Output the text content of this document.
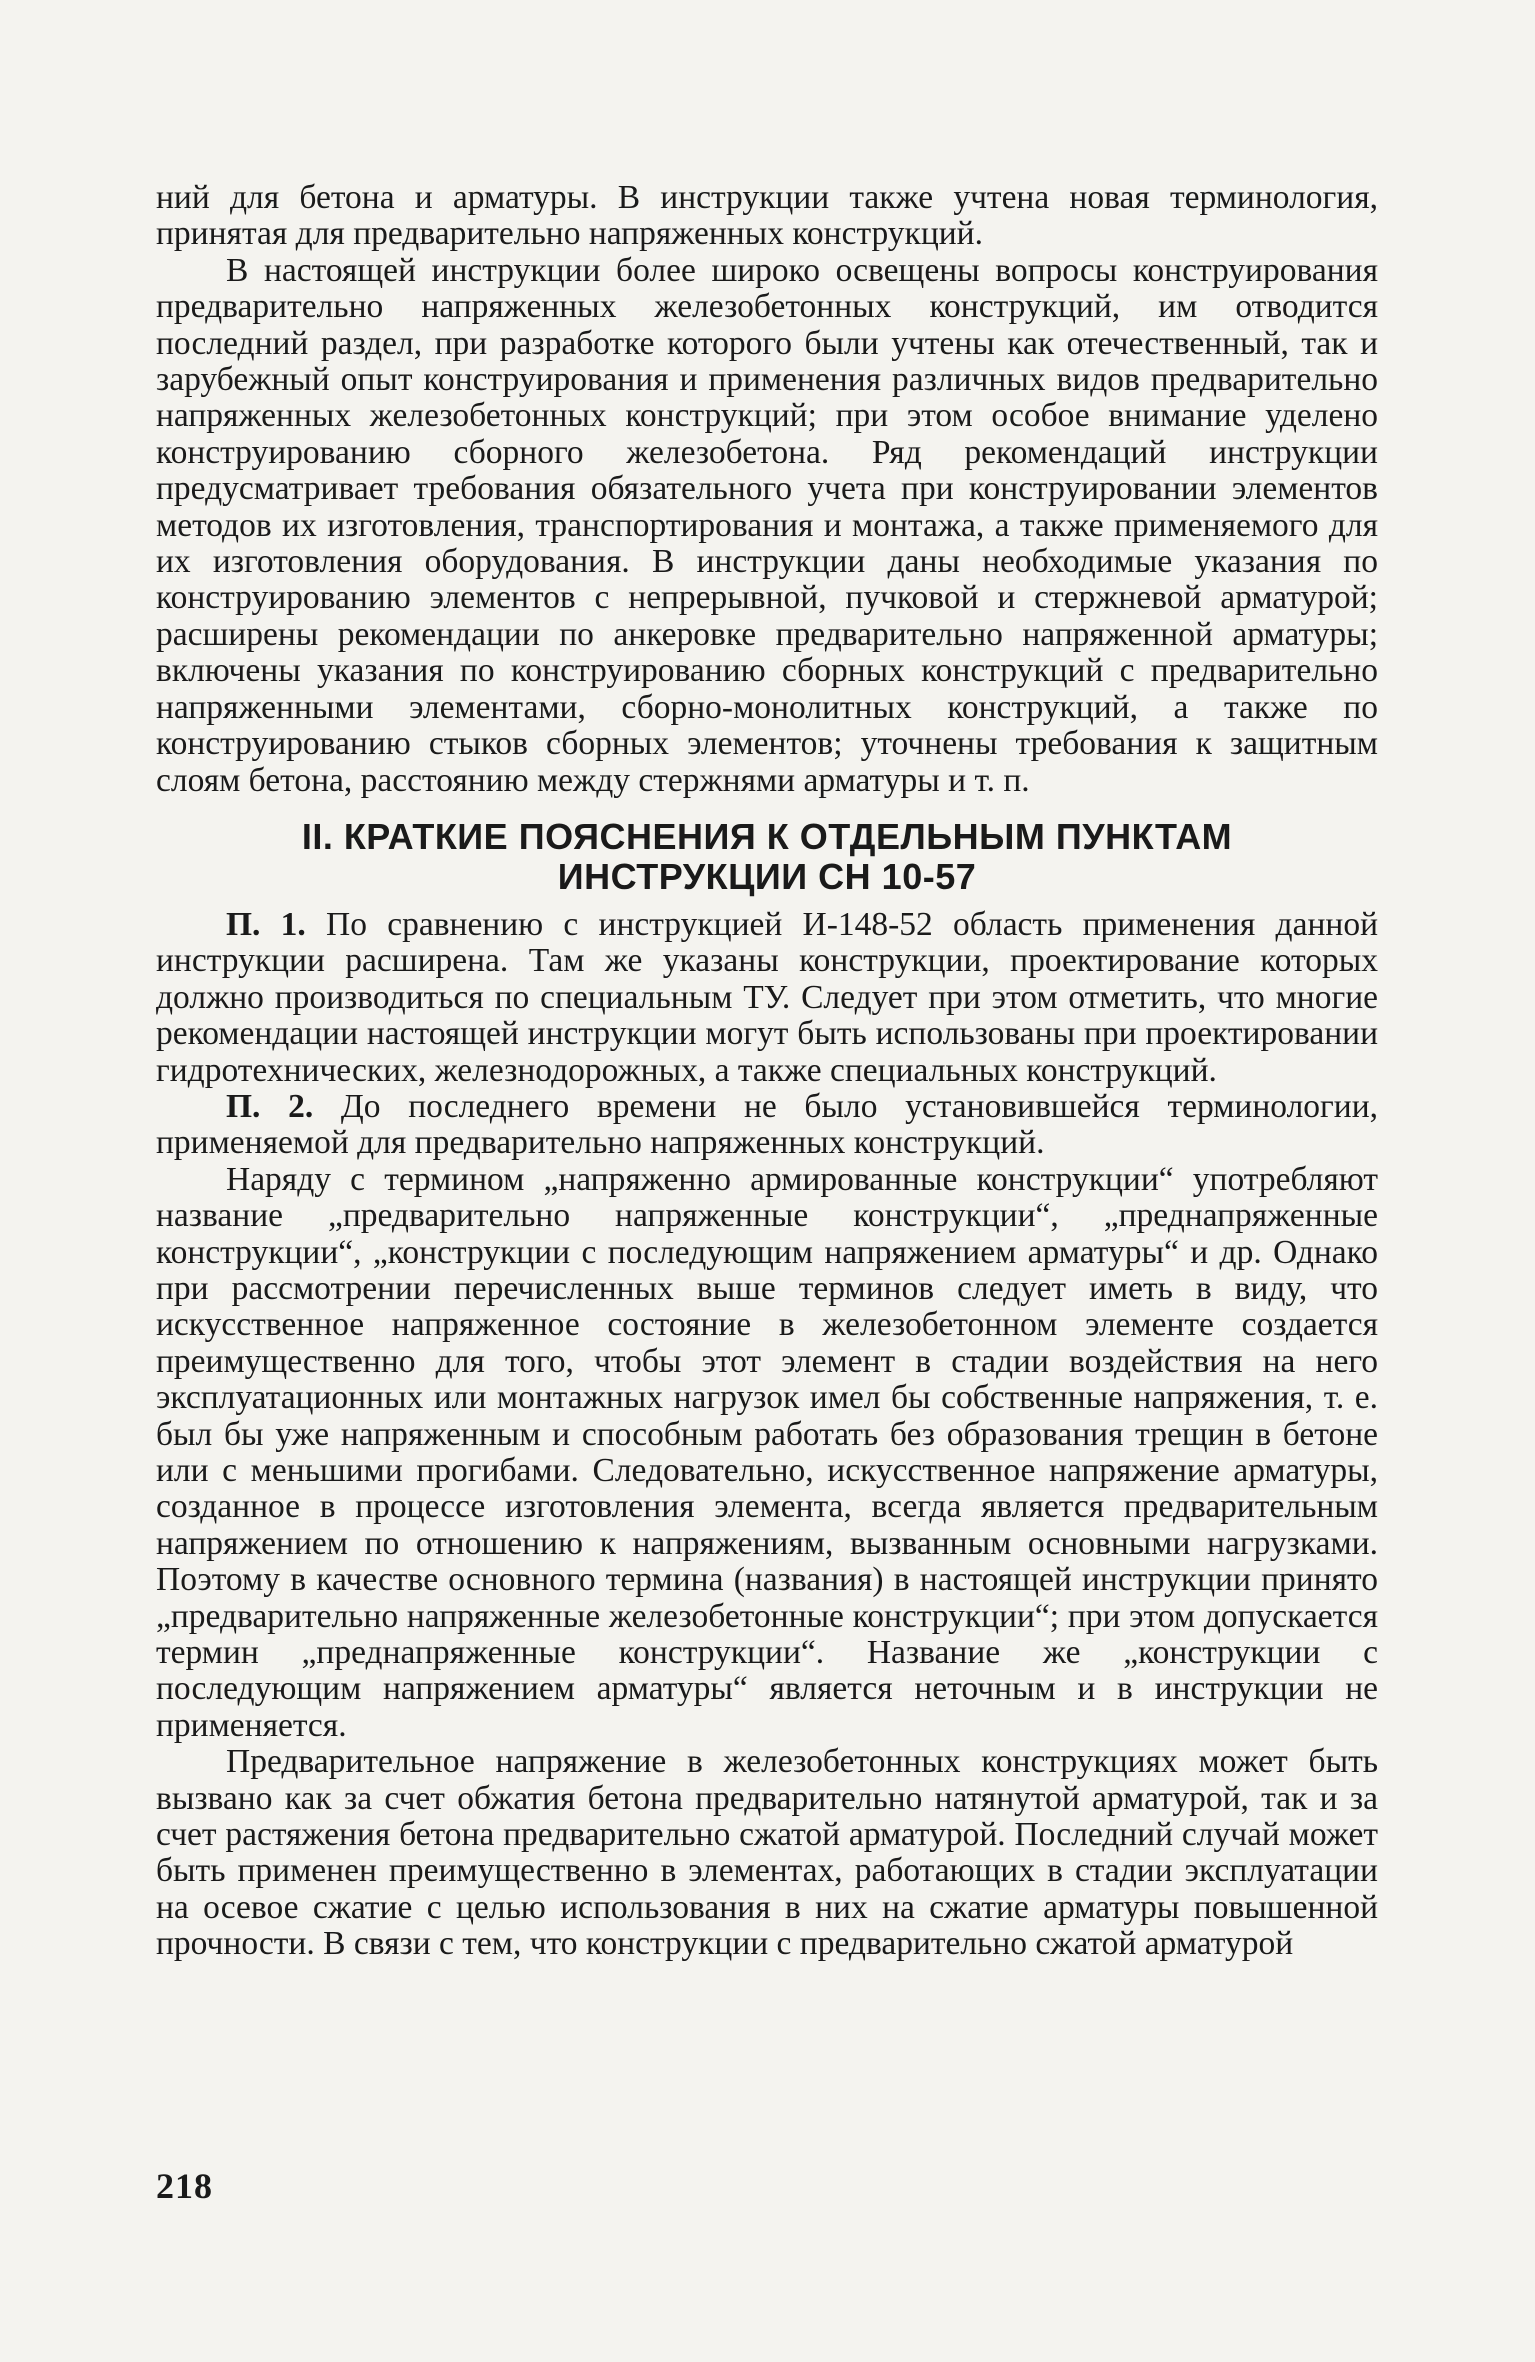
ний для бетона и арматуры. В инструкции также учтена новая терминология, принятая для предварительно напряженных конструкций.

В настоящей инструкции более широко освещены вопросы конструирования предварительно напряженных железобетонных конструкций, им отводится последний раздел, при разработке которого были учтены как отечественный, так и зарубежный опыт конструирования и применения различных видов предварительно напряженных железобетонных конструкций; при этом особое внимание уделено конструированию сборного железобетона. Ряд рекомендаций инструкции предусматривает требования обязательного учета при конструировании элементов методов их изготовления, транспортирования и монтажа, а также применяемого для их изготовления оборудования. В инструкции даны необходимые указания по конструированию элементов с непрерывной, пучковой и стержневой арматурой; расширены рекомендации по анкеровке предварительно напряженной арматуры; включены указания по конструированию сборных конструкций с предварительно напряженными элементами, сборно-монолитных конструкций, а также по конструированию стыков сборных элементов; уточнены требования к защитным слоям бетона, расстоянию между стержнями арматуры и т. п.

II. КРАТКИЕ ПОЯСНЕНИЯ К ОТДЕЛЬНЫМ ПУНКТАМ
ИНСТРУКЦИИ СН 10-57

П. 1. По сравнению с инструкцией И-148-52 область применения данной инструкции расширена. Там же указаны конструкции, проектирование которых должно производиться по специальным ТУ. Следует при этом отметить, что многие рекомендации настоящей инструкции могут быть использованы при проектировании гидротехнических, железнодорожных, а также специальных конструкций.

П. 2. До последнего времени не было установившейся терминологии, применяемой для предварительно напряженных конструкций.

Наряду с термином „напряженно армированные конструкции“ употребляют название „предварительно напряженные конструкции“, „преднапряженные конструкции“, „конструкции с последующим напряжением арматуры“ и др. Однако при рассмотрении перечисленных выше терминов следует иметь в виду, что искусственное напряженное состояние в железобетонном элементе создается преимущественно для того, чтобы этот элемент в стадии воздействия на него эксплуатационных или монтажных нагрузок имел бы собственные напряжения, т. е. был бы уже напряженным и способным работать без образования трещин в бетоне или с меньшими прогибами. Следовательно, искусственное напряжение арматуры, созданное в процессе изготовления элемента, всегда является предварительным напряжением по отношению к напряжениям, вызванным основными нагрузками. Поэтому в качестве основного термина (названия) в настоящей инструкции принято „предварительно напряженные железобетонные конструкции“; при этом допускается термин „преднапряженные конструкции“. Название же „конструкции с последующим напряжением арматуры“ является неточным и в инструкции не применяется.

Предварительное напряжение в железобетонных конструкциях может быть вызвано как за счет обжатия бетона предварительно натянутой арматурой, так и за счет растяжения бетона предварительно сжатой арматурой. Последний случай может быть применен преимущественно в элементах, работающих в стадии эксплуатации на осевое сжатие с целью использования в них на сжатие арматуры повышенной прочности. В связи с тем, что конструкции с предварительно сжатой арматурой

218
